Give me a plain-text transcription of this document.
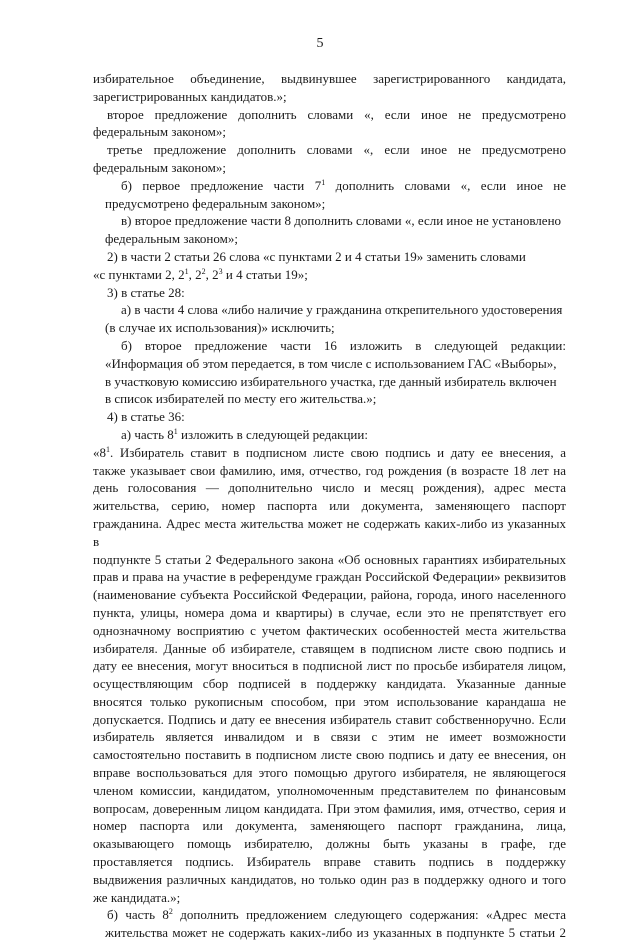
5
избирательное объединение, выдвинувшее зарегистрированного кандидата,
зарегистрированных кандидатов.»;
второе предложение дополнить словами «, если иное не предусмотрено
федеральным законом»;
третье предложение дополнить словами «, если иное не предусмотрено
федеральным законом»;
б) первое предложение части $7^1$ дополнить словами «, если иное не
предусмотрено федеральным законом»;
в) второе предложение части 8 дополнить словами «, если иное не установлено
федеральным законом»;
2) в части 2 статьи 26 слова «с пунктами 2 и 4 статьи 19» заменить словами
«с пунктами 2, $2^1$, $2^2$, $2^3$ и 4 статьи 19»;
3) в статье 28:
а) в части 4 слова «либо наличие у гражданина открепительного удостоверения
(в случае их использования)» исключить;
б) второе предложение части 16 изложить в следующей редакции:
«Информация об этом передается, в том числе с использованием ГАС «Выборы»,
в участковую комиссию избирательного участка, где данный избиратель включен
в список избирателей по месту его жительства.»;
4) в статье 36:
а) часть $8^1$ изложить в следующей редакции:
«$8^1$. Избиратель ставит в подписном листе свою подпись и дату ее внесения, а
также указывает свои фамилию, имя, отчество, год рождения (в возрасте 18 лет на
день голосования — дополнительно число и месяц рождения), адрес места
жительства, серию, номер паспорта или документа, заменяющего паспорт
гражданина. Адрес места жительства может не содержать каких-либо из указанных в
подпункте 5 статьи 2 Федерального закона «Об основных гарантиях избирательных
прав и права на участие в референдуме граждан Российской Федерации» реквизитов
(наименование субъекта Российской Федерации, района, города, иного населенного
пункта, улицы, номера дома и квартиры) в случае, если это не препятствует его
однозначному восприятию с учетом фактических особенностей места жительства
избирателя. Данные об избирателе, ставящем в подписном листе свою подпись и
дату ее внесения, могут вноситься в подписной лист по просьбе избирателя лицом,
осуществляющим сбор подписей в поддержку кандидата. Указанные данные
вносятся только рукописным способом, при этом использование карандаша не
допускается. Подпись и дату ее внесения избиратель ставит собственноручно. Если
избиратель является инвалидом и в связи с этим не имеет возможности
самостоятельно поставить в подписном листе свою подпись и дату ее внесения, он
вправе воспользоваться для этого помощью другого избирателя, не являющегося
членом комиссии, кандидатом, уполномоченным представителем по финансовым
вопросам, доверенным лицом кандидата. При этом фамилия, имя, отчество, серия и
номер паспорта или документа, заменяющего паспорт гражданина, лица,
оказывающего помощь избирателю, должны быть указаны в графе, где
проставляется подпись. Избиратель вправе ставить подпись в поддержку
выдвижения различных кандидатов, но только один раз в поддержку одного и того
же кандидата.»;
б) часть $8^2$ дополнить предложением следующего содержания: «Адрес места
жительства может не содержать каких-либо из указанных в подпункте 5 статьи 2
